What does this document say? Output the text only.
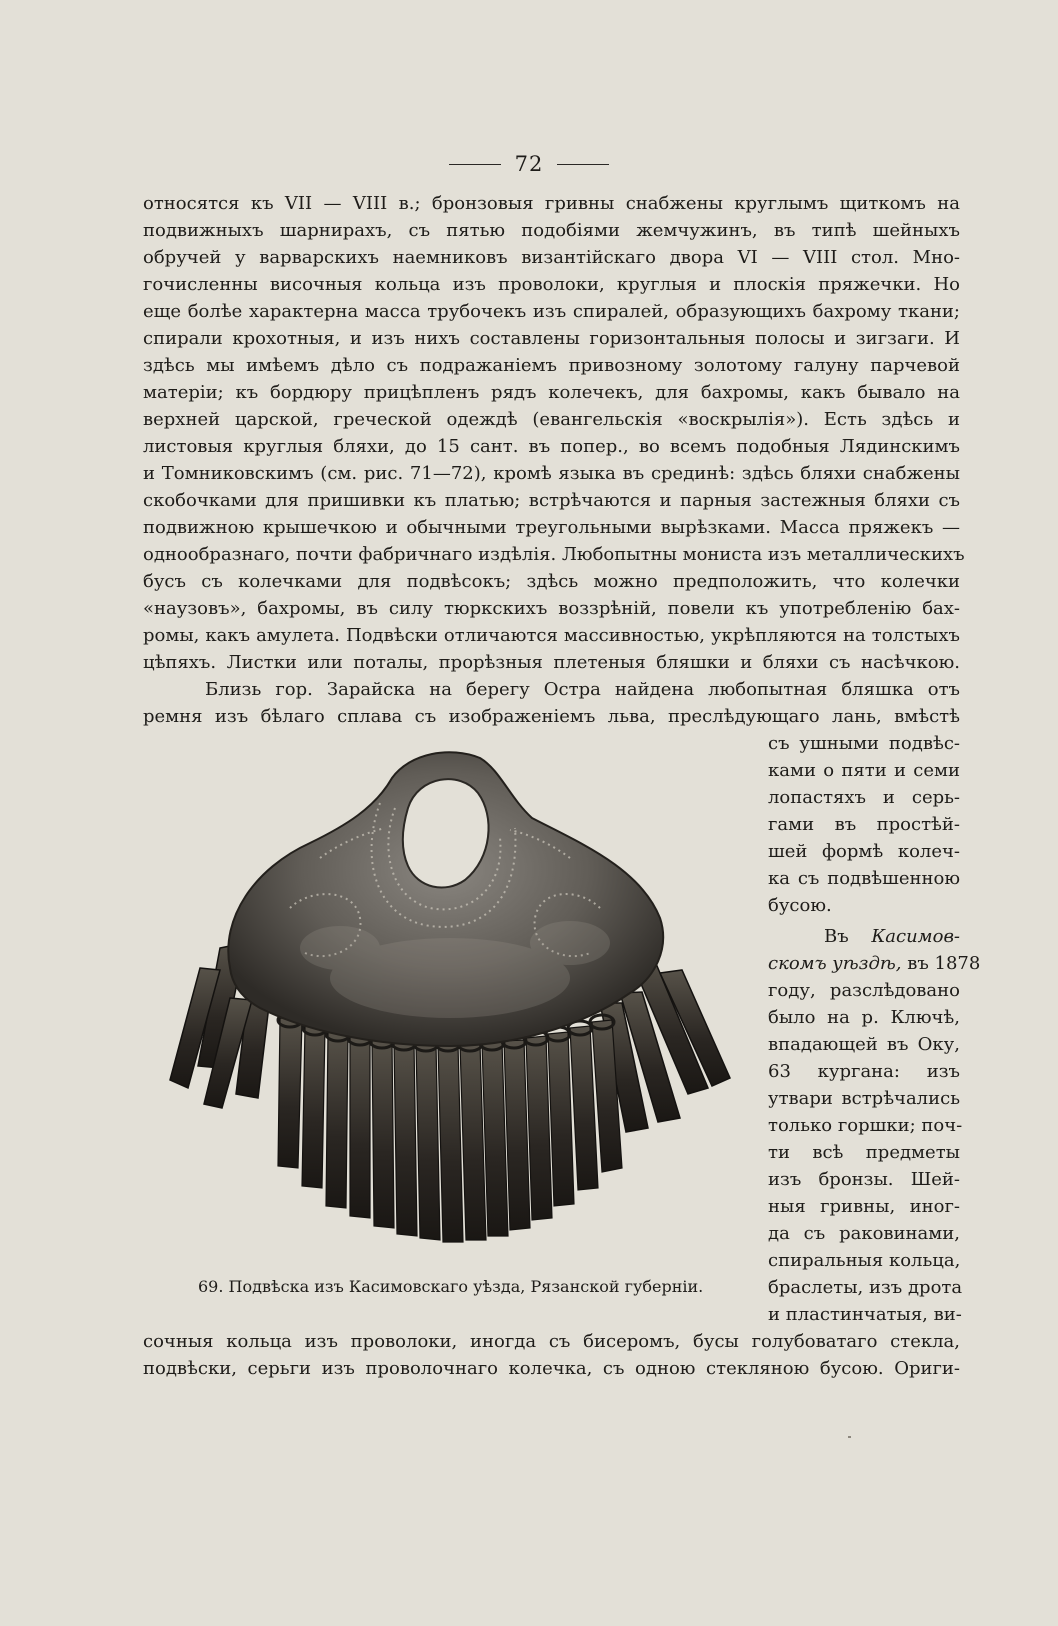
72
относятся къ VII — VIII в.; бронзовыя гривны снабжены круглымъ щиткомъ на
подвижныхъ шарнирахъ, съ пятью подобіями жемчужинъ, въ типѣ шейныхъ
обручей у варварскихъ наемниковъ византійскаго двора VI — VIII стол. Мно-
гочисленны височныя кольца изъ проволоки, круглыя и плоскія пряжечки. Но
еще болѣе характерна масса трубочекъ изъ спиралей, образующихъ бахрому ткани;
спирали крохотныя, и изъ нихъ составлены горизонтальныя полосы и зигзаги. И
здѣсь мы имѣемъ дѣло съ подражаніемъ привозному золотому галуну парчевой
матеріи; къ бордюру прицѣпленъ рядъ колечекъ, для бахромы, какъ бывало на
верхней царской, греческой одеждѣ (евангельскія «воскрылія»). Есть здѣсь и
листовыя круглыя бляхи, до 15 сант. въ попер., во всемъ подобныя Лядинскимъ
и Томниковскимъ (см. рис. 71—72), кромѣ языка въ срединѣ: здѣсь бляхи снабжены
скобочками для пришивки къ платью; встрѣчаются и парныя застежныя бляхи съ
подвижною крышечкою и обычными треугольными вырѣзками. Масса пряжекъ —
однообразнаго, почти фабричнаго издѣлія. Любопытны мониста изъ металлическихъ
бусъ съ колечками для подвѣсокъ; здѣсь можно предположить, что колечки
«наузовъ», бахромы, въ силу тюркскихъ воззрѣній, повели къ употребленію бах-
ромы, какъ амулета. Подвѣски отличаются массивностью, укрѣпляются на толстыхъ
цѣпяхъ. Листки или поталы, прорѣзныя плетеныя бляшки и бляхи съ насѣчкою.
Близь гор. Зарайска на берегу Остра найдена любопытная бляшка отъ
ремня изъ бѣлаго сплава съ изображеніемъ льва, преслѣдующаго лань, вмѣстѣ
съ ушными подвѣс-
ками о пяти и семи
лопастяхъ и серь-
гами въ простѣй-
шей формѣ колеч-
ка съ подвѣшенною
бусою.
Въ Касимов-
скомъ уѣздѣ, въ 1878
году, разслѣдовано
было на р. Ключѣ,
впадающей въ Оку,
63 кургана: изъ
утвари встрѣчались
только горшки; поч-
ти всѣ предметы
изъ бронзы. Шей-
ныя гривны, иног-
да съ раковинами,
спиральныя кольца,
браслеты, изъ дрота
и пластинчатыя, ви-
69. Подвѣска изъ Касимовскаго уѣзда, Рязанской губерніи.
сочныя кольца изъ проволоки, иногда съ бисеромъ, бусы голубоватаго стекла,
подвѣски, серьги изъ проволочнаго колечка, съ одною стекляною бусою. Ориги-
